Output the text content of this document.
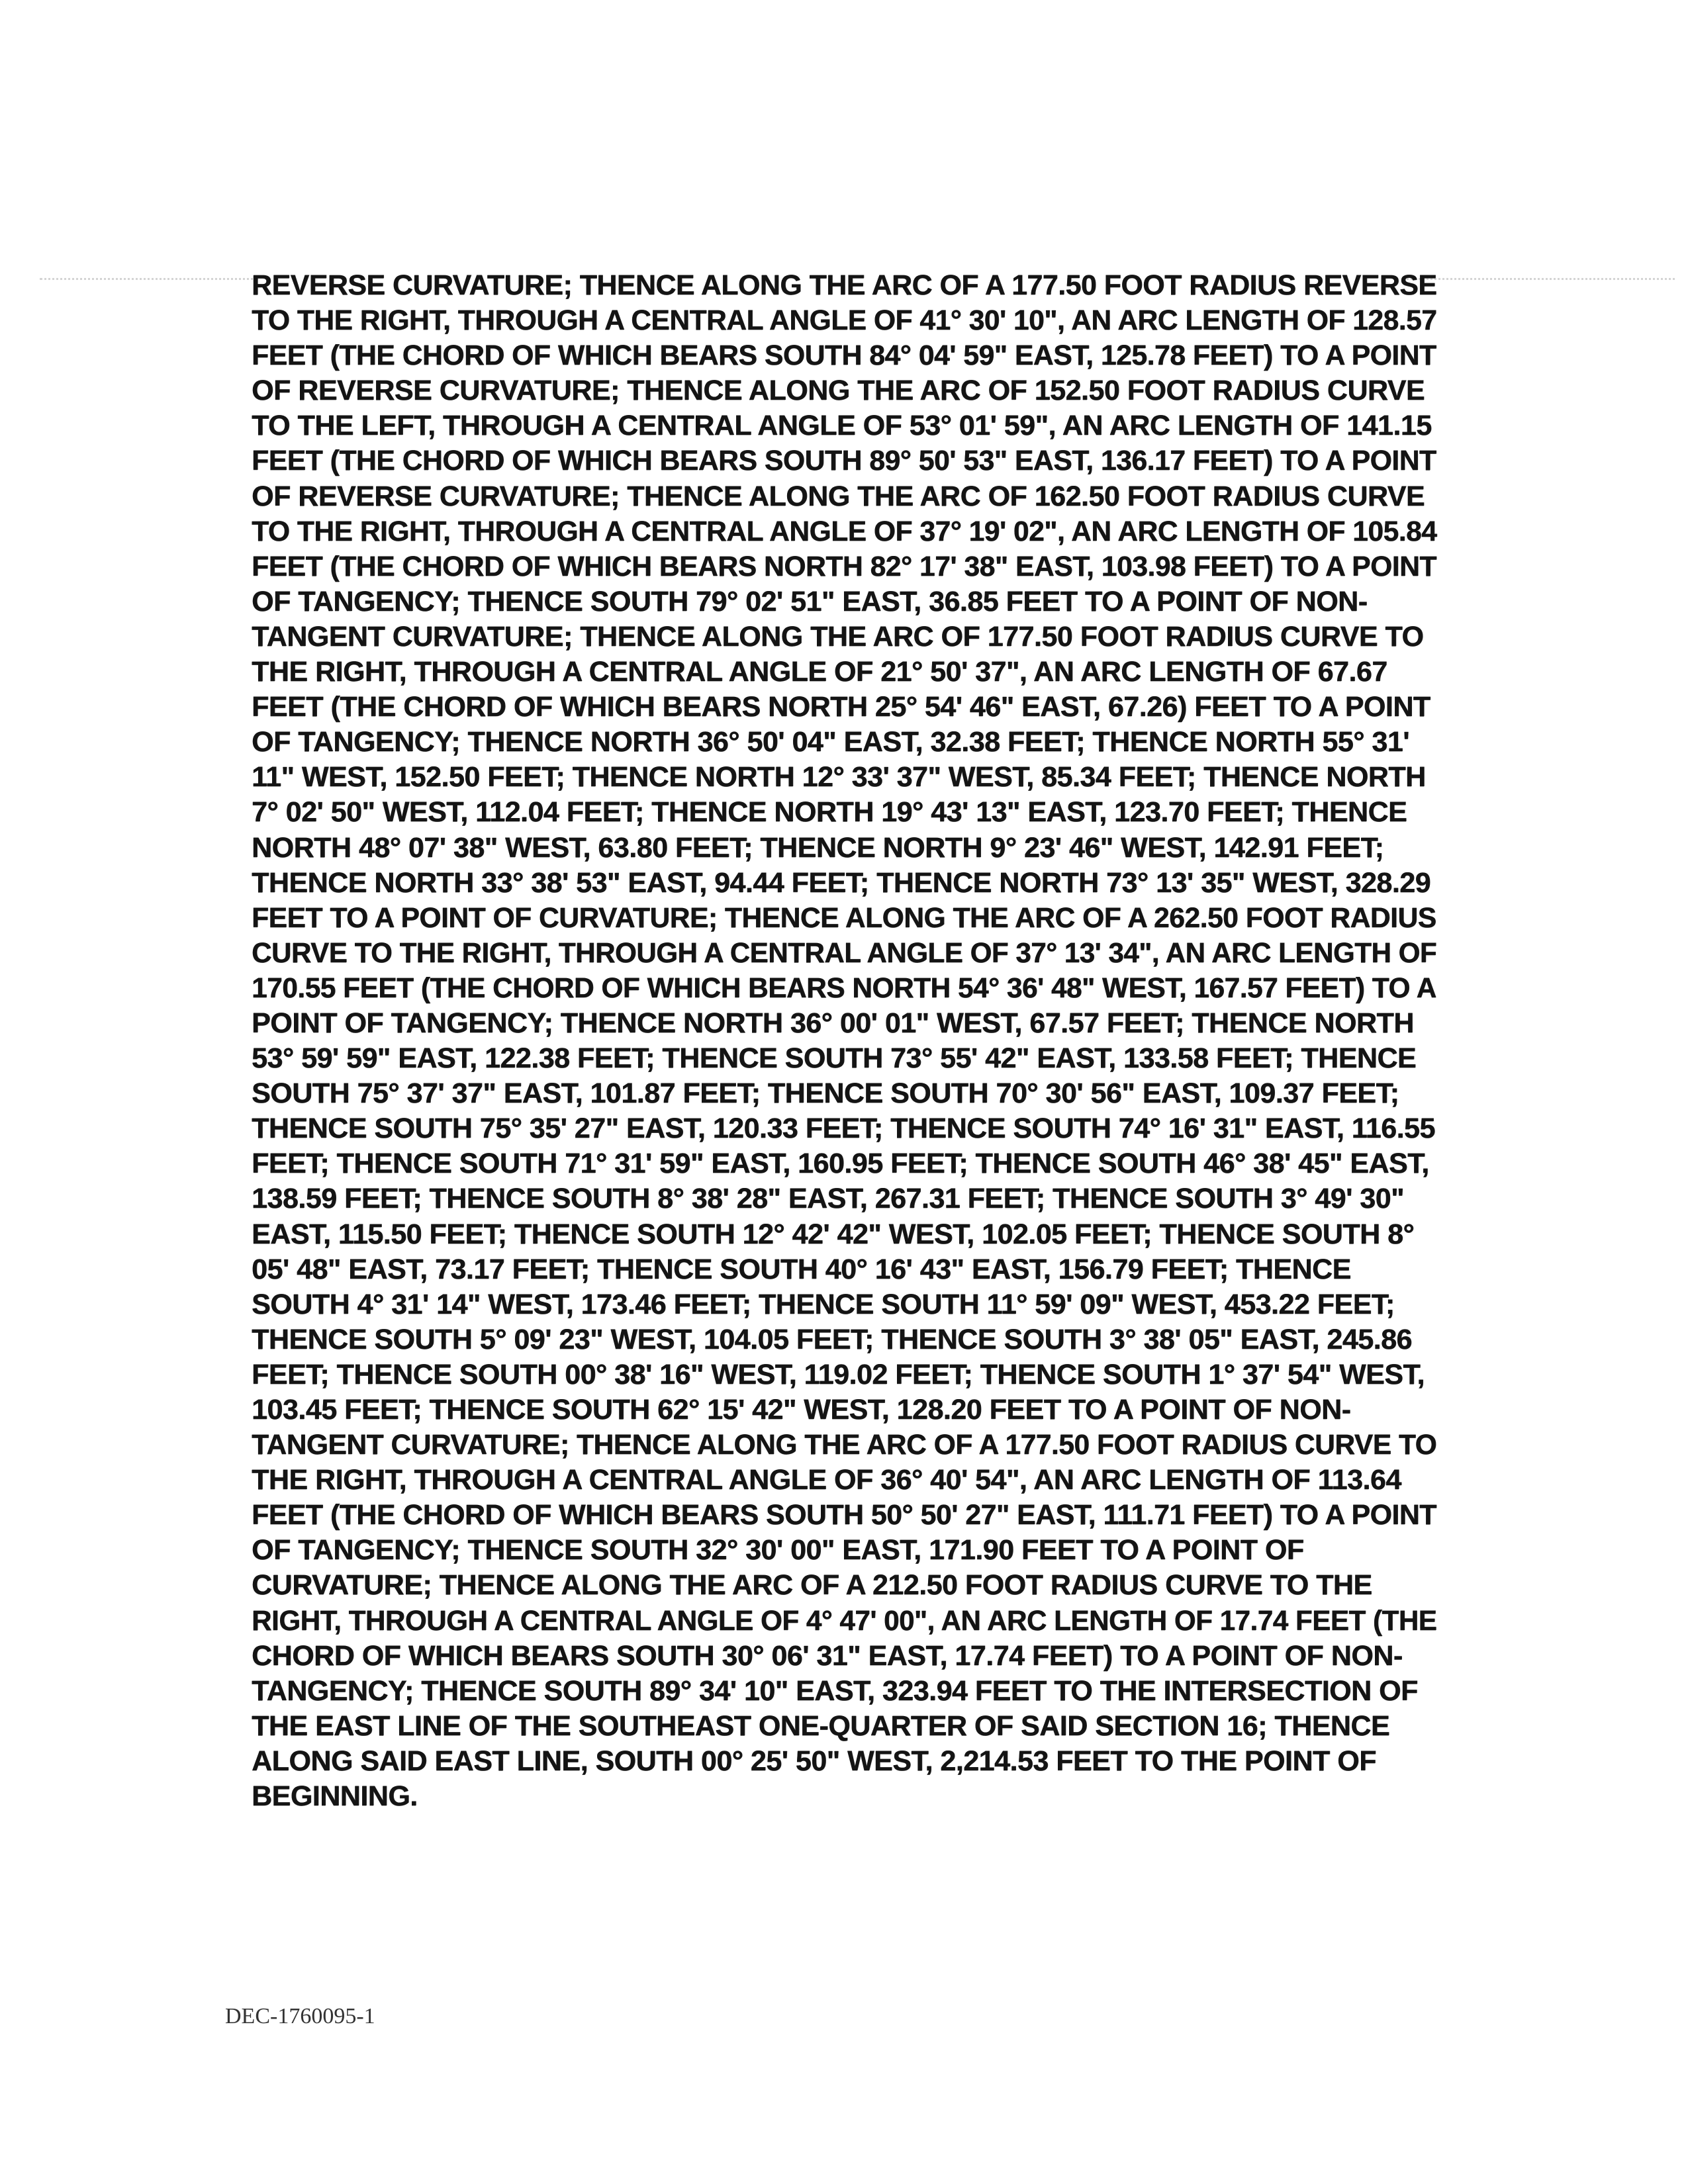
REVERSE CURVATURE; THENCE ALONG THE ARC OF A 177.50 FOOT RADIUS REVERSE
TO THE RIGHT, THROUGH A CENTRAL ANGLE OF 41° 30' 10", AN ARC LENGTH OF 128.57
FEET (THE CHORD OF WHICH BEARS SOUTH 84° 04' 59" EAST, 125.78 FEET) TO A POINT
OF REVERSE CURVATURE; THENCE ALONG THE ARC OF 152.50 FOOT RADIUS CURVE
TO THE LEFT, THROUGH A CENTRAL ANGLE OF 53° 01' 59", AN ARC LENGTH OF 141.15
FEET (THE CHORD OF WHICH BEARS SOUTH 89° 50' 53" EAST, 136.17 FEET) TO A POINT
OF REVERSE CURVATURE; THENCE ALONG THE ARC OF 162.50 FOOT RADIUS CURVE
TO THE RIGHT, THROUGH A CENTRAL ANGLE OF 37° 19' 02", AN ARC LENGTH OF 105.84
FEET (THE CHORD OF WHICH BEARS NORTH 82° 17' 38" EAST, 103.98 FEET) TO A POINT
OF TANGENCY; THENCE SOUTH 79° 02' 51" EAST, 36.85 FEET TO A POINT OF NON-
TANGENT CURVATURE; THENCE ALONG THE ARC OF 177.50 FOOT RADIUS CURVE TO
THE RIGHT, THROUGH A CENTRAL ANGLE OF 21° 50' 37", AN ARC LENGTH OF 67.67
FEET (THE CHORD OF WHICH BEARS NORTH 25° 54' 46" EAST, 67.26) FEET TO A POINT
OF TANGENCY; THENCE NORTH 36° 50' 04" EAST, 32.38 FEET; THENCE NORTH 55° 31'
11" WEST, 152.50 FEET; THENCE NORTH 12° 33' 37" WEST, 85.34 FEET; THENCE NORTH
7° 02' 50" WEST, 112.04 FEET; THENCE NORTH 19° 43' 13" EAST, 123.70 FEET; THENCE
NORTH 48° 07' 38" WEST, 63.80 FEET; THENCE NORTH 9° 23' 46" WEST, 142.91 FEET;
THENCE NORTH 33° 38' 53" EAST, 94.44 FEET; THENCE NORTH 73° 13' 35" WEST, 328.29
FEET TO A POINT OF CURVATURE; THENCE ALONG THE ARC OF A 262.50 FOOT RADIUS
CURVE TO THE RIGHT, THROUGH A CENTRAL ANGLE OF 37° 13' 34", AN ARC LENGTH OF
170.55 FEET (THE CHORD OF WHICH BEARS NORTH 54° 36' 48" WEST, 167.57 FEET) TO A
POINT OF TANGENCY; THENCE NORTH 36° 00' 01" WEST, 67.57 FEET; THENCE NORTH
53° 59' 59" EAST, 122.38 FEET; THENCE SOUTH 73° 55' 42" EAST, 133.58 FEET; THENCE
SOUTH 75° 37' 37" EAST, 101.87 FEET; THENCE SOUTH 70° 30' 56" EAST, 109.37 FEET;
THENCE SOUTH 75° 35' 27" EAST, 120.33 FEET; THENCE SOUTH 74° 16' 31" EAST, 116.55
FEET; THENCE SOUTH 71° 31' 59" EAST, 160.95 FEET; THENCE SOUTH 46° 38' 45" EAST,
138.59 FEET; THENCE SOUTH 8° 38' 28" EAST, 267.31 FEET; THENCE SOUTH 3° 49' 30"
EAST, 115.50 FEET; THENCE SOUTH 12° 42' 42" WEST, 102.05 FEET; THENCE SOUTH 8°
05' 48" EAST, 73.17 FEET; THENCE SOUTH 40° 16' 43" EAST, 156.79 FEET; THENCE
SOUTH 4° 31' 14" WEST, 173.46 FEET; THENCE SOUTH 11° 59' 09" WEST, 453.22 FEET;
THENCE SOUTH 5° 09' 23" WEST, 104.05 FEET; THENCE SOUTH 3° 38' 05" EAST, 245.86
FEET; THENCE SOUTH 00° 38' 16" WEST, 119.02 FEET; THENCE SOUTH 1° 37' 54" WEST,
103.45 FEET; THENCE SOUTH 62° 15' 42" WEST, 128.20 FEET TO A POINT OF NON-
TANGENT CURVATURE; THENCE ALONG THE ARC OF A 177.50 FOOT RADIUS CURVE TO
THE RIGHT, THROUGH A CENTRAL ANGLE OF 36° 40' 54", AN ARC LENGTH OF 113.64
FEET (THE CHORD OF WHICH BEARS SOUTH 50° 50' 27" EAST, 111.71 FEET) TO A POINT
OF TANGENCY; THENCE SOUTH 32° 30' 00" EAST, 171.90 FEET TO A POINT OF
CURVATURE; THENCE ALONG THE ARC OF A 212.50 FOOT RADIUS CURVE TO THE
RIGHT, THROUGH A CENTRAL ANGLE OF 4° 47' 00", AN ARC LENGTH OF 17.74 FEET (THE
CHORD OF WHICH BEARS SOUTH 30° 06' 31" EAST, 17.74 FEET) TO A POINT OF NON-
TANGENCY; THENCE SOUTH 89° 34' 10" EAST, 323.94 FEET TO THE INTERSECTION OF
THE EAST LINE OF THE SOUTHEAST ONE-QUARTER OF SAID SECTION 16; THENCE
ALONG SAID EAST LINE, SOUTH 00° 25' 50" WEST, 2,214.53 FEET TO THE POINT OF
BEGINNING.

DEC-1760095-1
